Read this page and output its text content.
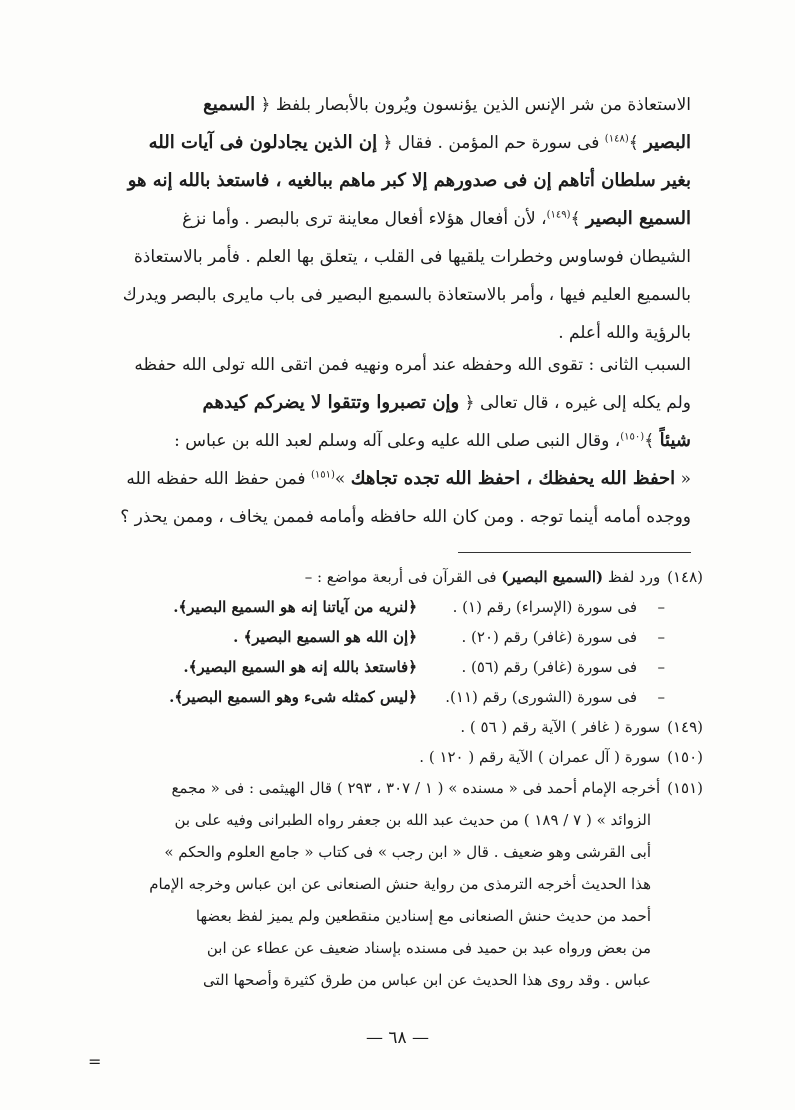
الاستعاذة من شر الإنس الذين يؤنسون ويُرون بالأبصار بلفظ ﴿ السميع
البصير ﴾$^{(١٤٨)}$ فى سورة حم المؤمن . فقال ﴿ إن الذين يجادلون فى آيات الله
بغير سلطان أتاهم إن فى صدورهم إلا كبر ماهم ببالغيه ، فاستعذ بالله إنه هو
السميع البصير ﴾$^{(١٤٩)}$، لأن أفعال هؤلاء أفعال معاينة ترى بالبصر . وأما نزغ
الشيطان فوساوس وخطرات يلقيها فى القلب ، يتعلق بها العلم . فأمر بالاستعاذة
بالسميع العليم فيها ، وأمر بالاستعاذة بالسميع البصير فى باب مايرى بالبصر ويدرك
بالرؤية والله أعلم .
السبب الثانى : تقوى الله وحفظه عند أمره ونهيه فمن اتقى الله تولى الله حفظه
ولم يكله إلى غيره ، قال تعالى ﴿ وإن تصبروا وتتقوا لا يضركم كيدهم
شيئاً ﴾$^{(١٥٠)}$، وقال النبى صلى الله عليه وعلى آله وسلم لعبد الله بن عباس :
« احفظ الله يحفظك ، احفظ الله تجده تجاهك »$^{(١٥١)}$ فمن حفظ الله حفظه الله
ووجده أمامه أينما توجه . ومن كان الله حافظه وأمامه فممن يخاف ، وممن يحذر ؟
(١٤٨) ورد لفظ (السميع البصير) فى القرآن فى أربعة مواضع : –
–فى سورة (الإسراء) رقم (١) .﴿لنريه من آياتنا إنه هو السميع البصير﴾.
–فى سورة (غافر) رقم (٢٠) .﴿إن الله هو السميع البصير﴾ .
–فى سورة (غافر) رقم (٥٦) .﴿فاستعذ بالله إنه هو السميع البصير﴾.
–فى سورة (الشورى) رقم (١١).﴿ليس كمثله شىء وهو السميع البصير﴾.
(١٤٩) سورة ( غافر ) الآية رقم ( ٥٦ ) .
(١٥٠) سورة ( آل عمران ) الآية رقم ( ١٢٠ ) .
(١٥١) أخرجه الإمام أحمد فى « مسنده » ( ١ / ٣٠٧ ، ٢٩٣ ) قال الهيثمى : فى « مجمع
الزوائد » ( ٧ / ١٨٩ ) من حديث عبد الله بن جعفر رواه الطبرانى وفيه على بن
أبى القرشى وهو ضعيف . قال « ابن رجب » فى كتاب « جامع العلوم والحكم »
هذا الحديث أخرجه الترمذى من رواية حنش الصنعانى عن ابن عباس وخرجه الإمام
أحمد من حديث حنش الصنعانى مع إسنادين منقطعين ولم يميز لفظ بعضها
من بعض ورواه عبد بن حميد فى مسنده بإسناد ضعيف عن عطاء عن ابن
عباس . وقد روى هذا الحديث عن ابن عباس من طرق كثيرة وأصحها التى
— ٦٨ —
=
